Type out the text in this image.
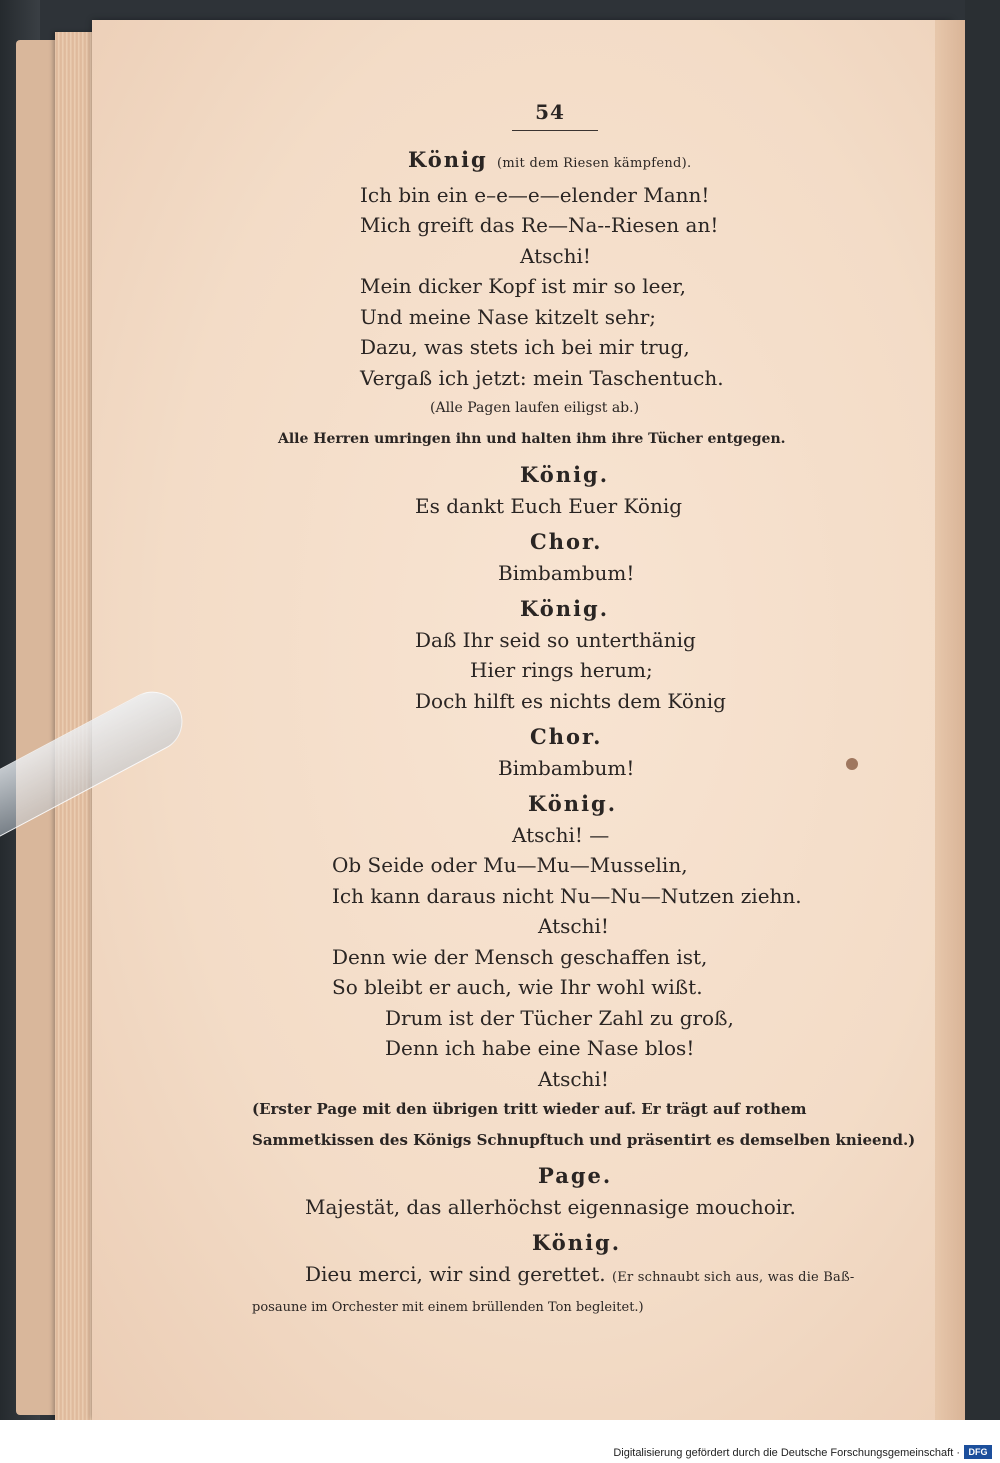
54
König (mit dem Riesen kämpfend).
Ich bin ein e–e—e—elender Mann!
Mich greift das Re—Na--Riesen an!
Atschi!
Mein dicker Kopf ist mir so leer,
Und meine Nase kitzelt sehr;
Dazu, was stets ich bei mir trug,
Vergaß ich jetzt: mein Taschentuch.
(Alle Pagen laufen eiligst ab.)
Alle Herren umringen ihn und halten ihm ihre Tücher entgegen.
König.
Es dankt Euch Euer König
Chor.
Bimbambum!
König.
Daß Ihr seid so unterthänig
Hier rings herum;
Doch hilft es nichts dem König
Chor.
Bimbambum!
König.
Atschi! —
Ob Seide oder Mu—Mu—Musselin,
Ich kann daraus nicht Nu—Nu—Nutzen ziehn.
Atschi!
Denn wie der Mensch geschaffen ist,
So bleibt er auch, wie Ihr wohl wißt.
Drum ist der Tücher Zahl zu groß,
Denn ich habe eine Nase blos!
Atschi!
(Erster Page mit den übrigen tritt wieder auf. Er trägt auf rothem
Sammetkissen des Königs Schnupftuch und präsentirt es demselben knieend.)
Page.
Majestät, das allerhöchst eigennasige mouchoir.
König.
Dieu merci, wir sind gerettet. (Er schnaubt sich aus, was die Baß-
posaune im Orchester mit einem brüllenden Ton begleitet.)
Digitalisierung gefördert durch die Deutsche Forschungsgemeinschaft · DFG
